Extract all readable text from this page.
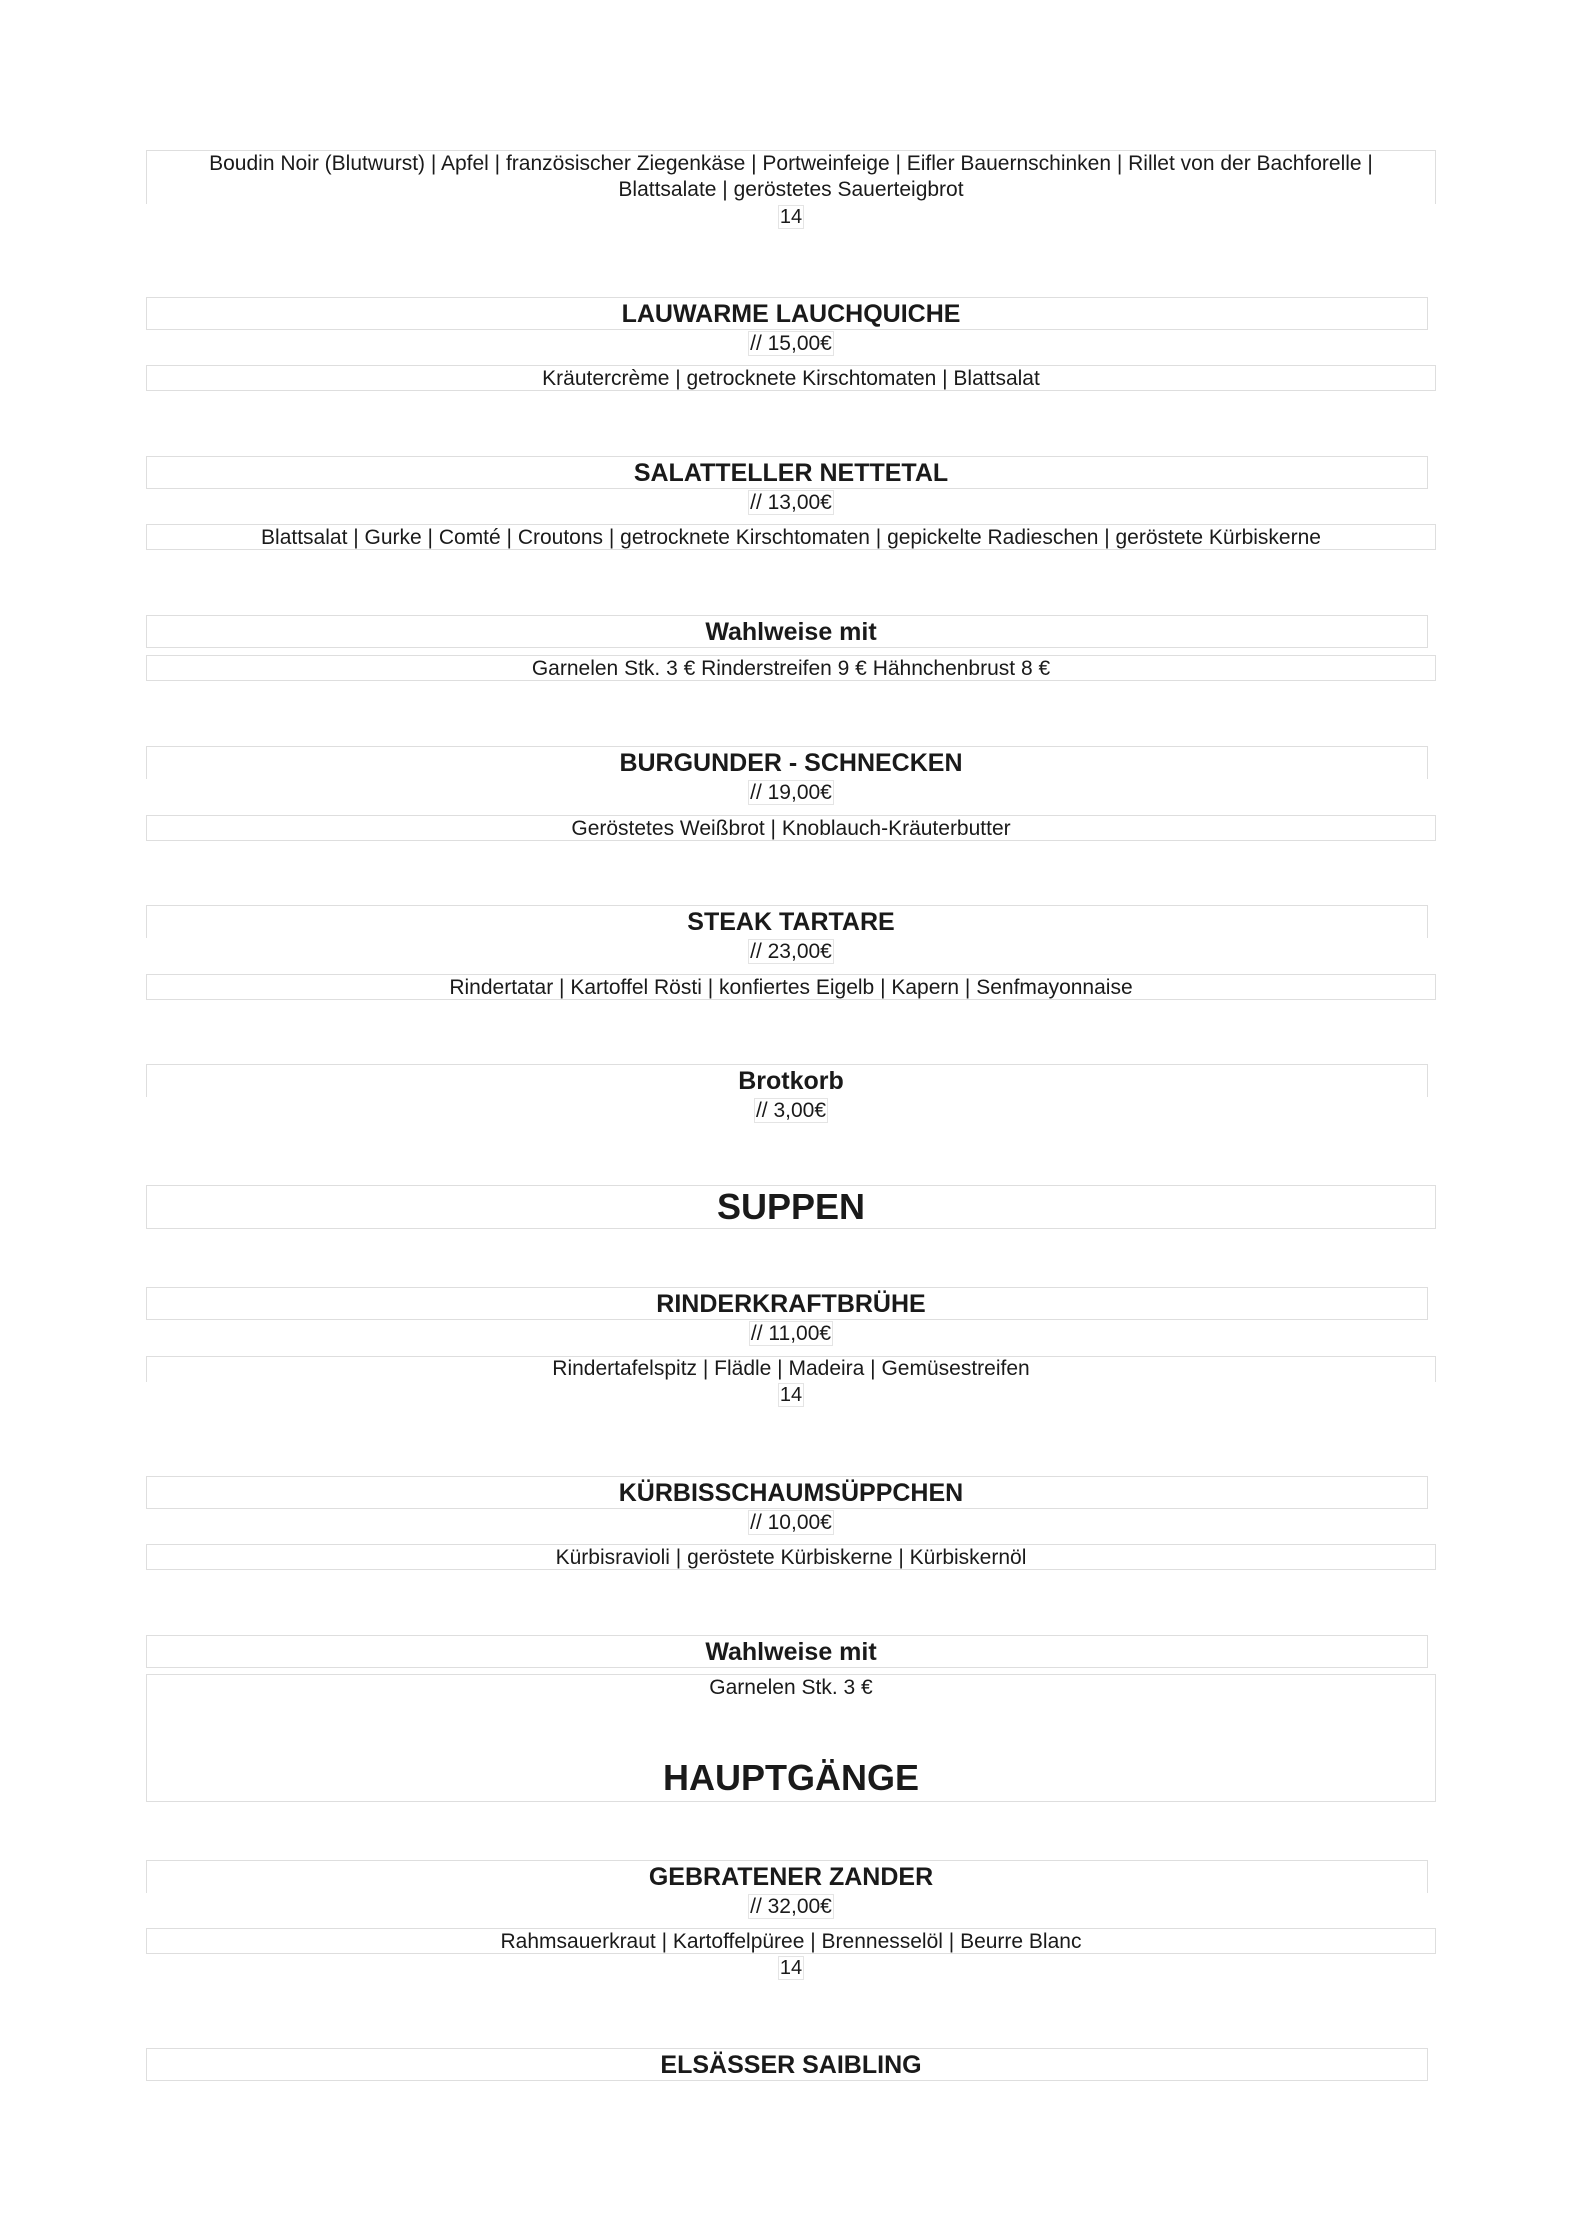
Boudin Noir (Blutwurst) | Apfel | französischer Ziegenkäse | Portweinfeige | Eifler Bauernschinken | Rillet von der Bachforelle |
Blattsalate | geröstetes Sauerteigbrot
14
LAUWARME LAUCHQUICHE
// 15,00€
Kräutercrème | getrocknete Kirschtomaten | Blattsalat
SALATTELLER NETTETAL
// 13,00€
Blattsalat | Gurke | Comté | Croutons | getrocknete Kirschtomaten | gepickelte Radieschen | geröstete Kürbiskerne
Wahlweise mit
Garnelen Stk. 3 € Rinderstreifen 9 € Hähnchenbrust 8 €
BURGUNDER - SCHNECKEN
// 19,00€
Geröstetes Weißbrot | Knoblauch-Kräuterbutter
STEAK TARTARE
// 23,00€
Rindertatar | Kartoffel Rösti | konfiertes Eigelb | Kapern | Senfmayonnaise
Brotkorb
// 3,00€
SUPPEN
RINDERKRAFTBRÜHE
// 11,00€
Rindertafelspitz | Flädle | Madeira | Gemüsestreifen
14
KÜRBISSCHAUMSÜPPCHEN
// 10,00€
Kürbisravioli | geröstete Kürbiskerne | Kürbiskernöl
Wahlweise mit
Garnelen Stk. 3 €
HAUPTGÄNGE
GEBRATENER ZANDER
// 32,00€
Rahmsauerkraut | Kartoffelpüree | Brennesselöl | Beurre Blanc
14
ELSÄSSER SAIBLING
